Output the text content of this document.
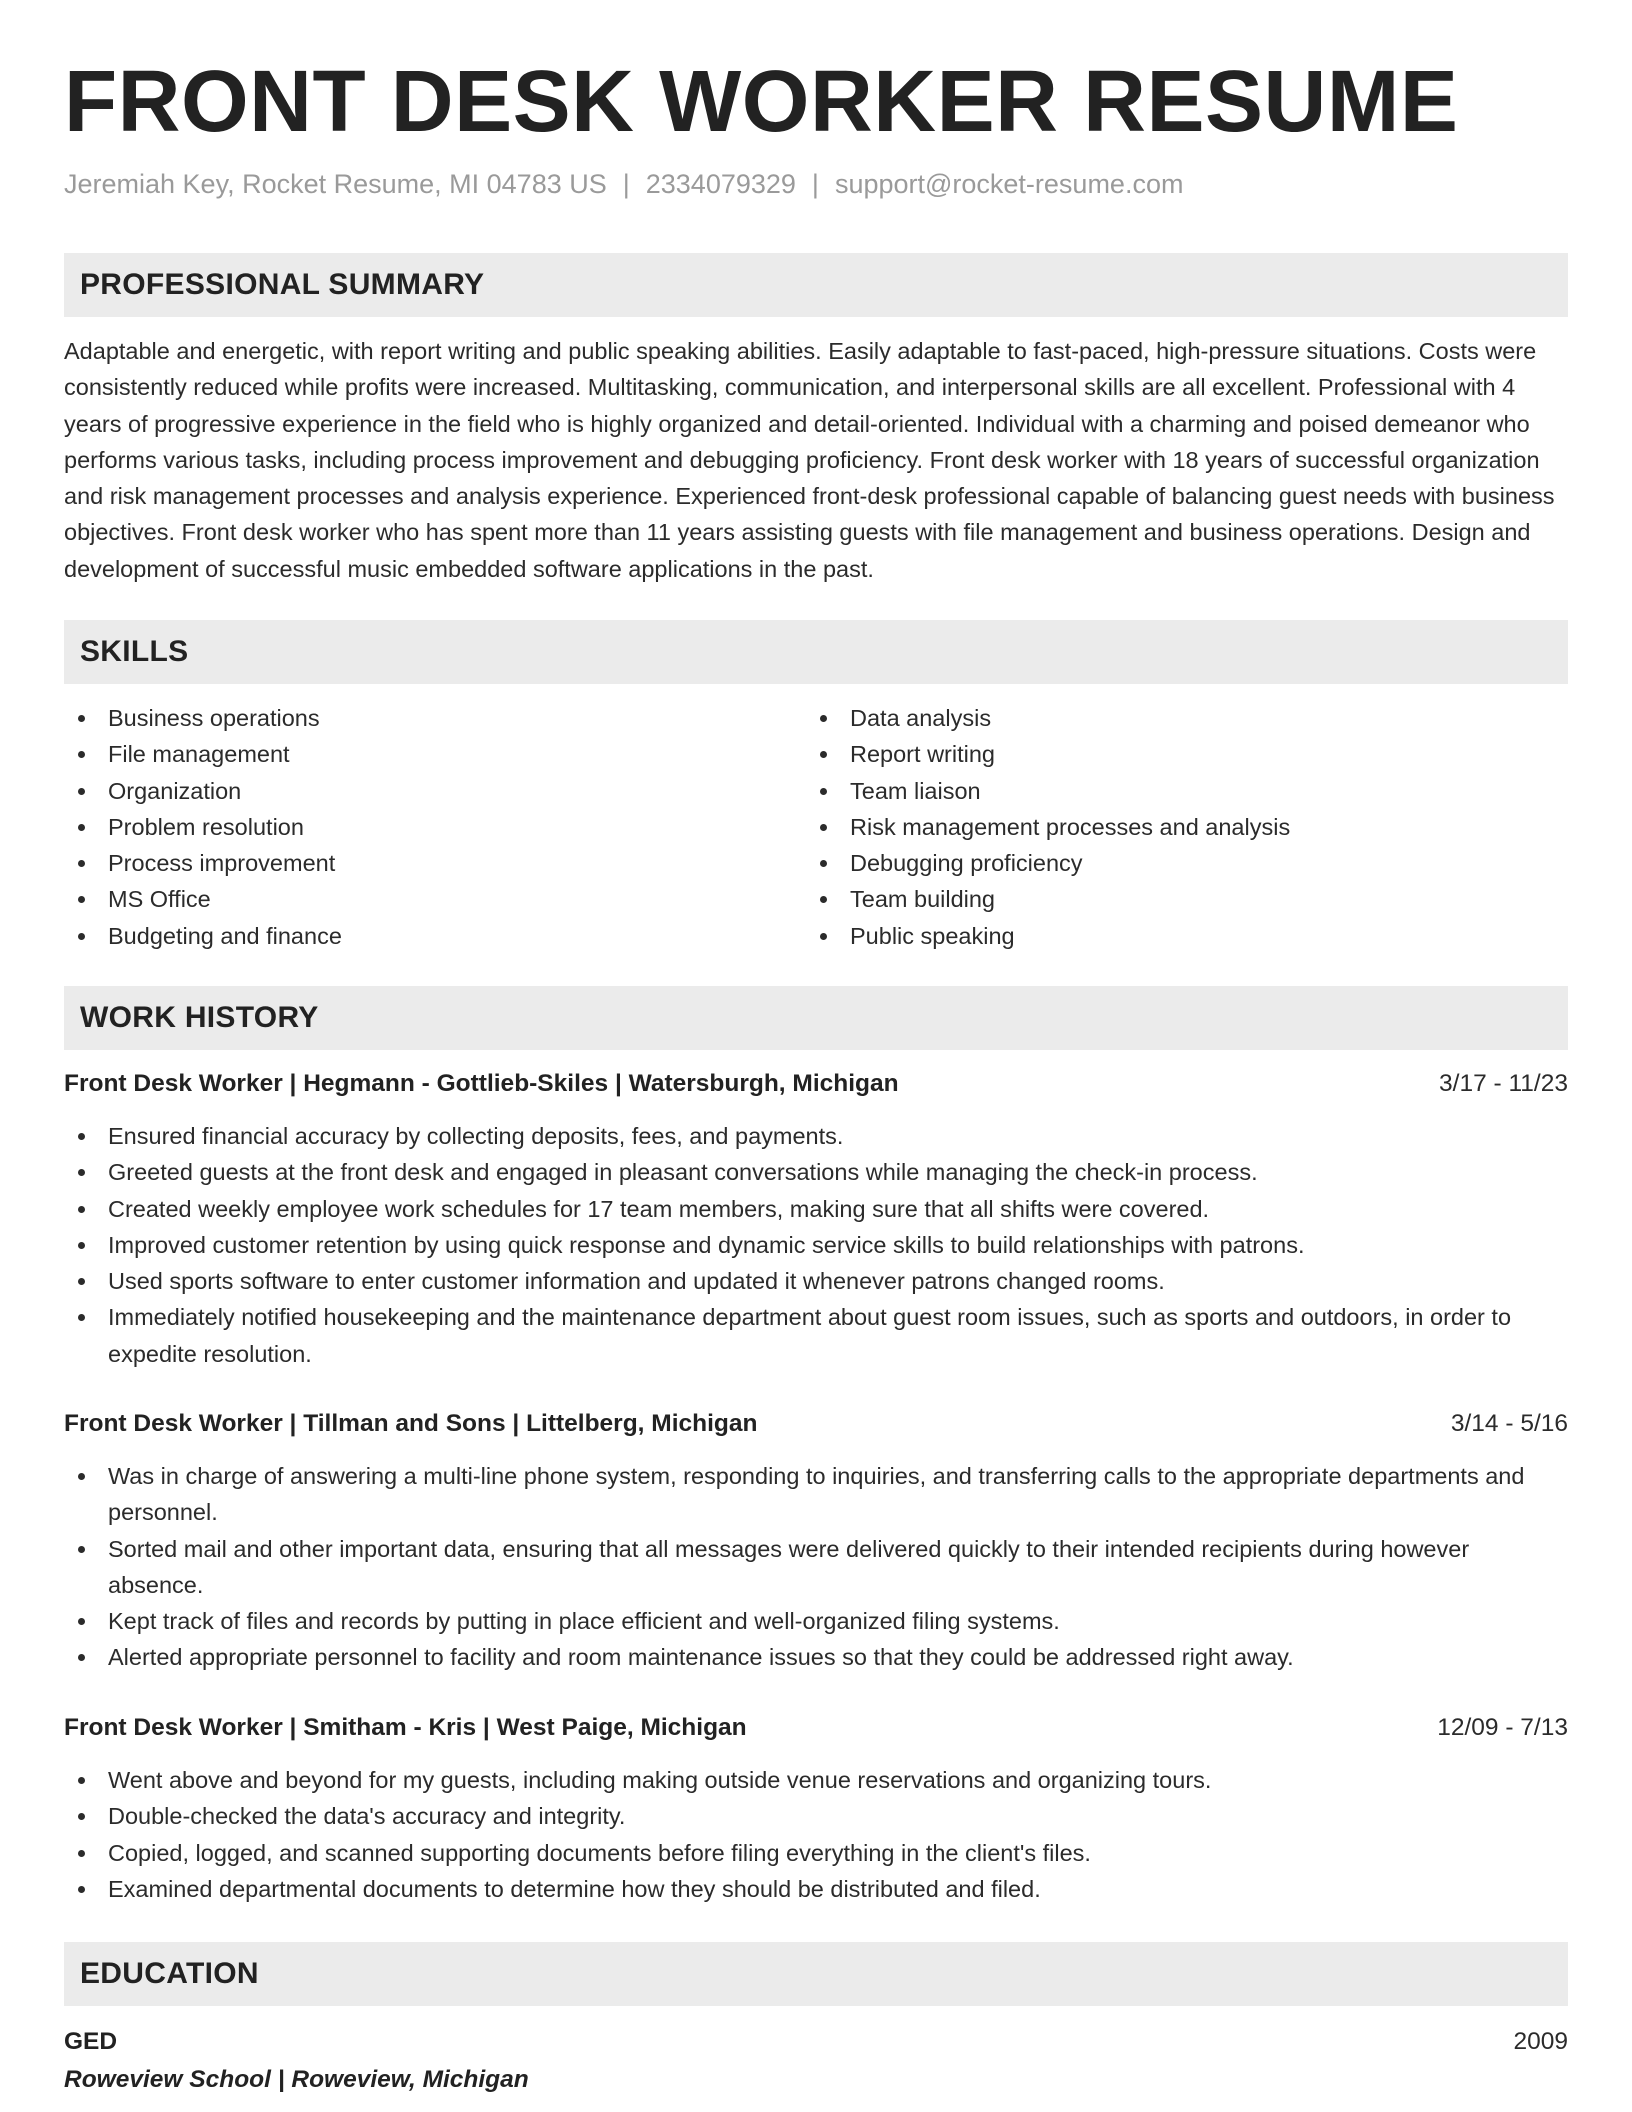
FRONT DESK WORKER RESUME
Jeremiah Key, Rocket Resume, MI 04783 US | 2334079329 | support@rocket-resume.com
PROFESSIONAL SUMMARY

Adaptable and energetic, with report writing and public speaking abilities. Easily adaptable to fast-paced, high-pressure situations. Costs were consistently reduced while profits were increased. Multitasking, communication, and interpersonal skills are all excellent. Professional with 4 years of progressive experience in the field who is highly organized and detail-oriented. Individual with a charming and poised demeanor who performs various tasks, including process improvement and debugging proficiency. Front desk worker with 18 years of successful organization and risk management processes and analysis experience. Experienced front-desk professional capable of balancing guest needs with business objectives. Front desk worker who has spent more than 11 years assisting guests with file management and business operations. Design and development of successful music embedded software applications in the past.

SKILLS
Business operations
File management
Organization
Problem resolution
Process improvement
MS Office
Budgeting and finance
Data analysis
Report writing
Team liaison
Risk management processes and analysis
Debugging proficiency
Team building
Public speaking
WORK HISTORY
Front Desk Worker | Hegmann - Gottlieb-Skiles | Watersburgh, Michigan	3/17 - 11/23
Ensured financial accuracy by collecting deposits, fees, and payments.
Greeted guests at the front desk and engaged in pleasant conversations while managing the check-in process.
Created weekly employee work schedules for 17 team members, making sure that all shifts were covered.
Improved customer retention by using quick response and dynamic service skills to build relationships with patrons.
Used sports software to enter customer information and updated it whenever patrons changed rooms.
Immediately notified housekeeping and the maintenance department about guest room issues, such as sports and outdoors, in order to expedite resolution.
Front Desk Worker | Tillman and Sons | Littelberg, Michigan	3/14 - 5/16
Was in charge of answering a multi-line phone system, responding to inquiries, and transferring calls to the appropriate departments and personnel.
Sorted mail and other important data, ensuring that all messages were delivered quickly to their intended recipients during however absence.
Kept track of files and records by putting in place efficient and well-organized filing systems.
Alerted appropriate personnel to facility and room maintenance issues so that they could be addressed right away.
Front Desk Worker | Smitham - Kris | West Paige, Michigan	12/09 - 7/13
Went above and beyond for my guests, including making outside venue reservations and organizing tours.
Double-checked the data's accuracy and integrity.
Copied, logged, and scanned supporting documents before filing everything in the client's files.
Examined departmental documents to determine how they should be distributed and filed.
EDUCATION
GED	2009
Roweview School | Roweview, Michigan
